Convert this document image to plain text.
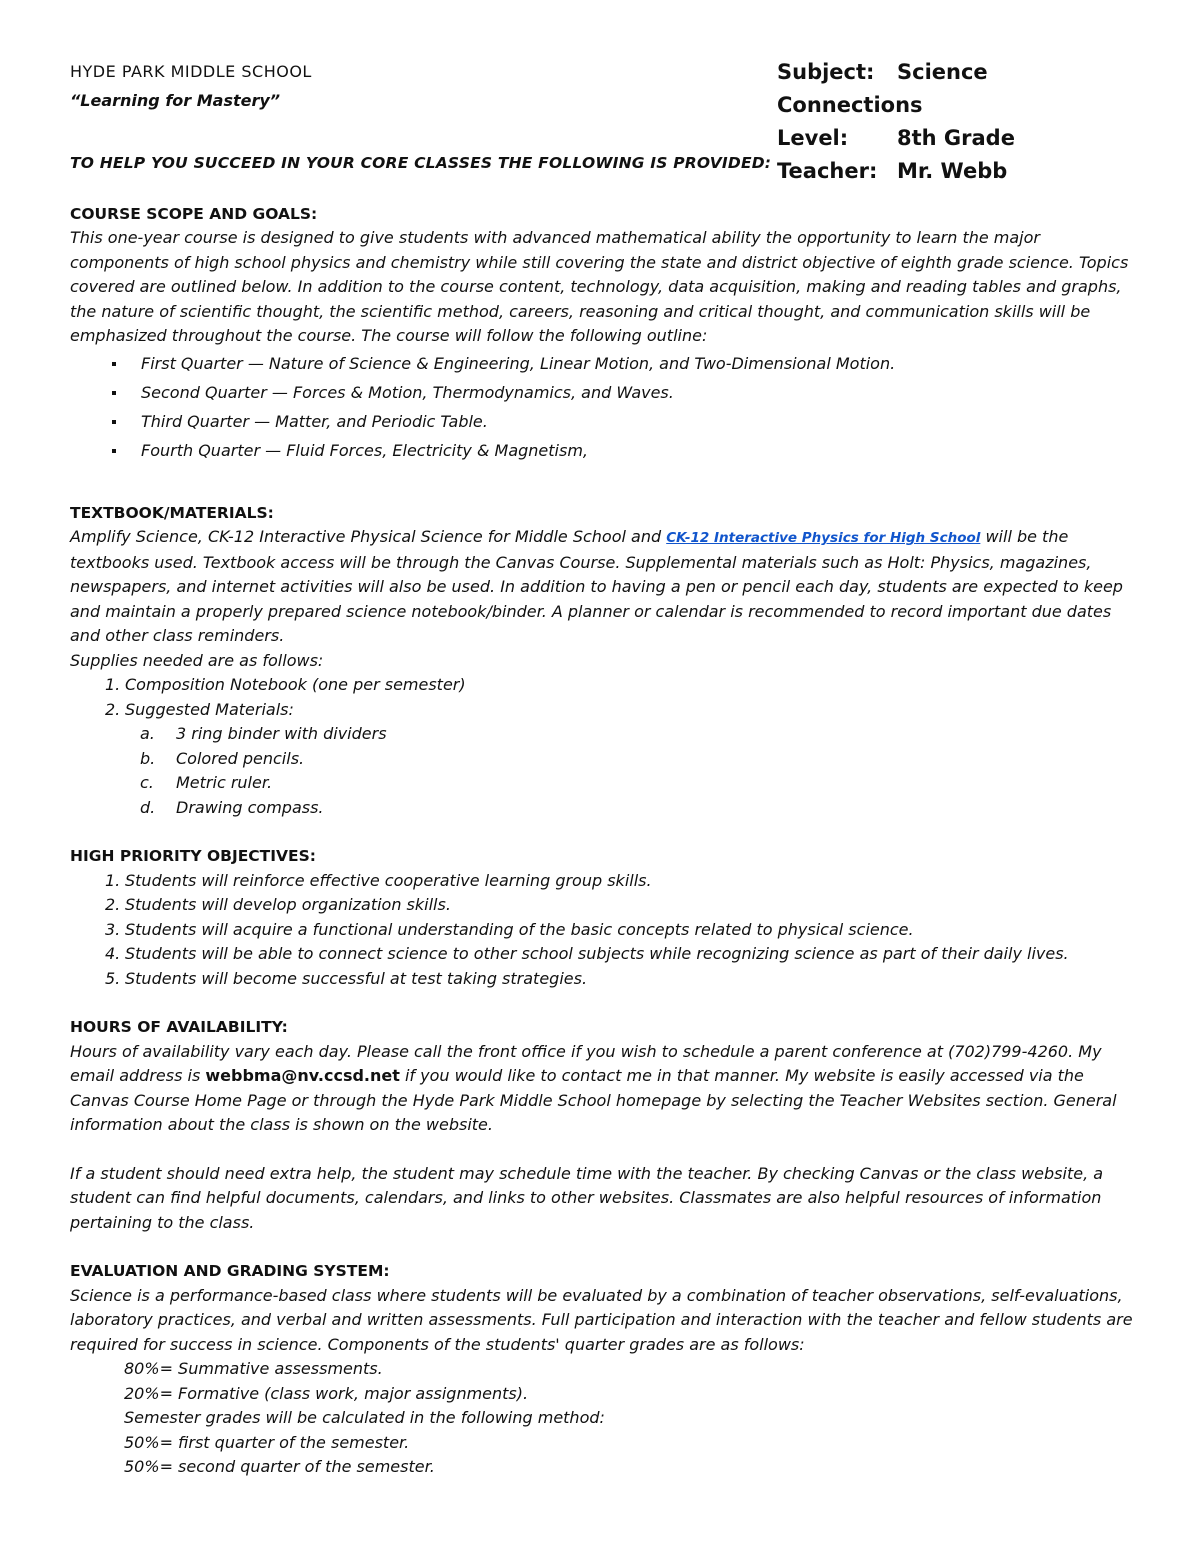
HYDE PARK MIDDLE SCHOOL
“Learning for Mastery”
Subject: Science Connections
Level: 8th Grade
Teacher: Mr. Webb
TO HELP YOU SUCCEED IN YOUR CORE CLASSES THE FOLLOWING IS PROVIDED:
COURSE SCOPE AND GOALS:

This one-year course is designed to give students with advanced mathematical ability the opportunity to learn the major components of high school physics and chemistry while still covering the state and district objective of eighth grade science. Topics covered are outlined below. In addition to the course content, technology, data acquisition, making and reading tables and graphs, the nature of scientific thought, the scientific method, careers, reasoning and critical thought, and communication skills will be emphasized throughout the course. The course will follow the following outline:

First Quarter — Nature of Science & Engineering, Linear Motion, and Two-Dimensional Motion.
Second Quarter — Forces & Motion, Thermodynamics, and Waves.
Third Quarter — Matter, and Periodic Table.
Fourth Quarter — Fluid Forces, Electricity & Magnetism,
TEXTBOOK/MATERIALS:

Amplify Science, CK-12 Interactive Physical Science for Middle School and CK-12 Interactive Physics for High School will be the textbooks used. Textbook access will be through the Canvas Course. Supplemental materials such as Holt: Physics, magazines, newspapers, and internet activities will also be used. In addition to having a pen or pencil each day, students are expected to keep and maintain a properly prepared science notebook/binder. A planner or calendar is recommended to record important due dates and other class reminders.

Supplies needed are as follows:

1. Composition Notebook (one per semester)
2. Suggested Materials:
a. 3 ring binder with dividers
b. Colored pencils.
c. Metric ruler.
d. Drawing compass.
HIGH PRIORITY OBJECTIVES:
1. Students will reinforce effective cooperative learning group skills.
2. Students will develop organization skills.
3. Students will acquire a functional understanding of the basic concepts related to physical science.
4. Students will be able to connect science to other school subjects while recognizing science as part of their daily lives.
5. Students will become successful at test taking strategies.
HOURS OF AVAILABILITY:

Hours of availability vary each day. Please call the front office if you wish to schedule a parent conference at (702)799-4260. My email address is webbma@nv.ccsd.net if you would like to contact me in that manner. My website is easily accessed via the Canvas Course Home Page or through the Hyde Park Middle School homepage by selecting the Teacher Websites section. General information about the class is shown on the website.

If a student should need extra help, the student may schedule time with the teacher. By checking Canvas or the class website, a student can find helpful documents, calendars, and links to other websites. Classmates are also helpful resources of information pertaining to the class.

EVALUATION AND GRADING SYSTEM:

Science is a performance-based class where students will be evaluated by a combination of teacher observations, self-evaluations, laboratory practices, and verbal and written assessments. Full participation and interaction with the teacher and fellow students are required for success in science. Components of the students' quarter grades are as follows:

80%= Summative assessments.
20%= Formative (class work, major assignments).
Semester grades will be calculated in the following method:
50%= first quarter of the semester.
50%= second quarter of the semester.
